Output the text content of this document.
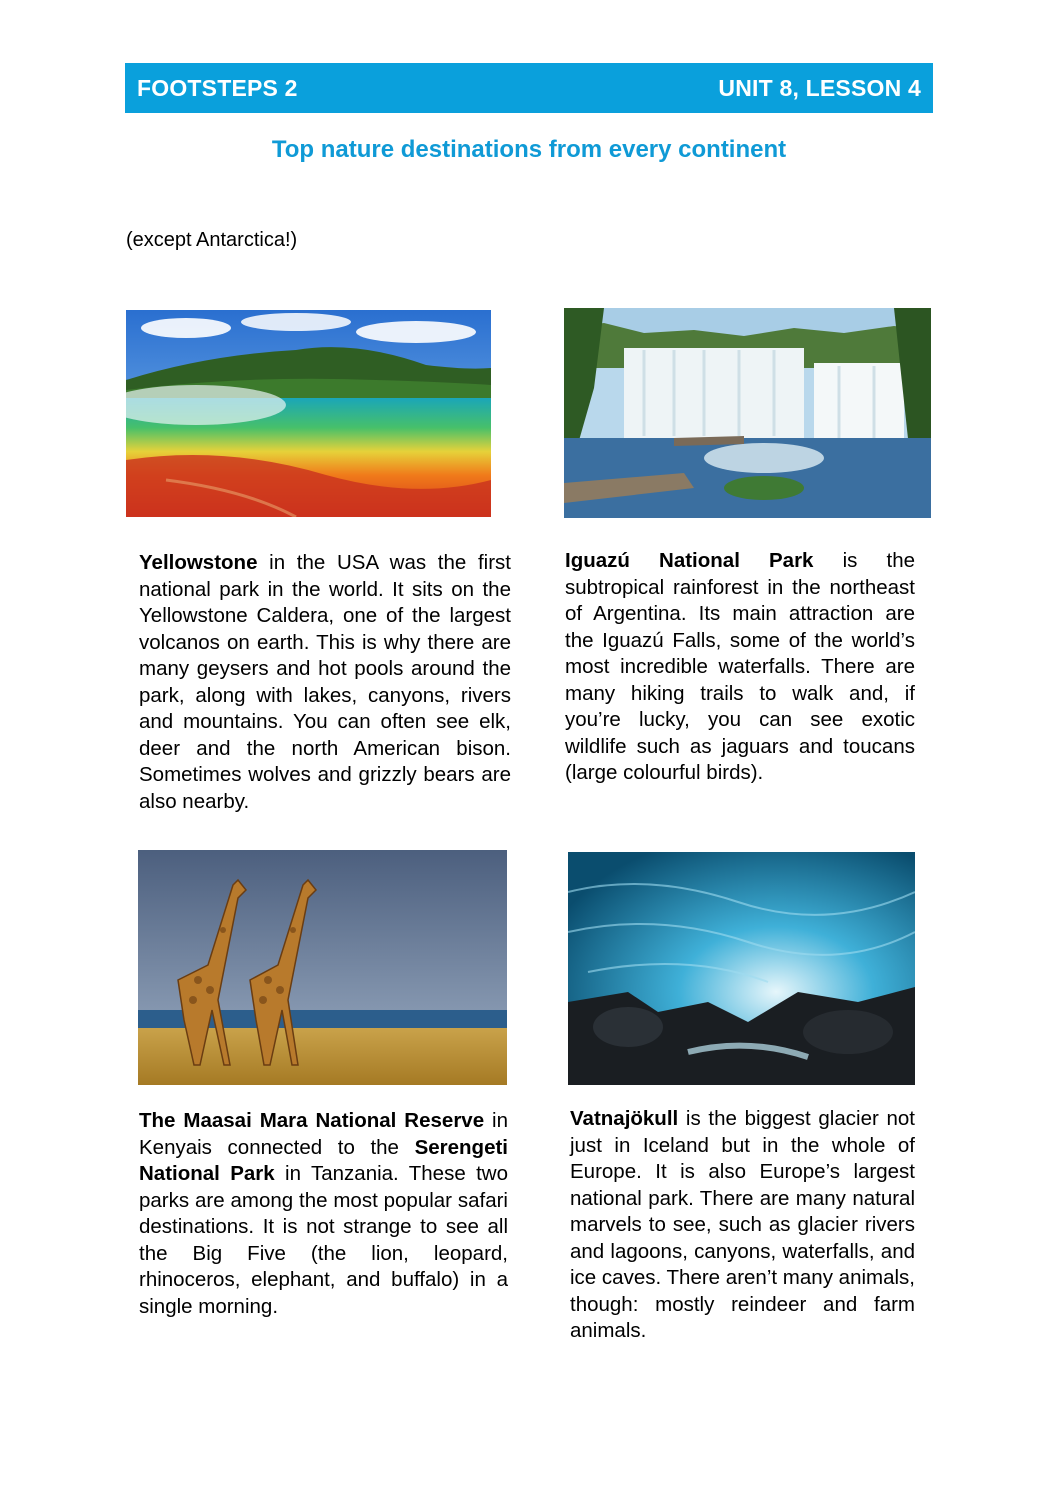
FOOTSTEPS 2	UNIT 8, LESSON 4
Top nature destinations from every continent
(except Antarctica!)

Yellowstone in the USA was the first national park in the world. It sits on the Yellowstone Caldera, one of the largest volcanos on earth. This is why there are many geysers and hot pools around the park, along with lakes, canyons, rivers and mountains. You can often see elk, deer and the north American bison. Sometimes wolves and grizzly bears are also nearby.

Iguazú National Park is the subtropical rainforest in the northeast of Argentina. Its main attraction are the Iguazú Falls, some of the world’s most incredible waterfalls. There are many hiking trails to walk and, if you’re lucky, you can see exotic wildlife such as jaguars and toucans (large colourful birds).

The Maasai Mara National Reserve in Kenyais connected to the Serengeti National Park in Tanzania. These two parks are among the most popular safari destinations. It is not strange to see all the Big Five (the lion, leopard, rhinoceros, elephant, and buffalo) in a single morning.

Vatnajökull is the biggest glacier not just in Iceland but in the whole of Europe. It is also Europe’s largest national park. There are many natural marvels to see, such as glacier rivers and lagoons, canyons, waterfalls, and ice caves. There aren’t many animals, though: mostly reindeer and farm animals.
